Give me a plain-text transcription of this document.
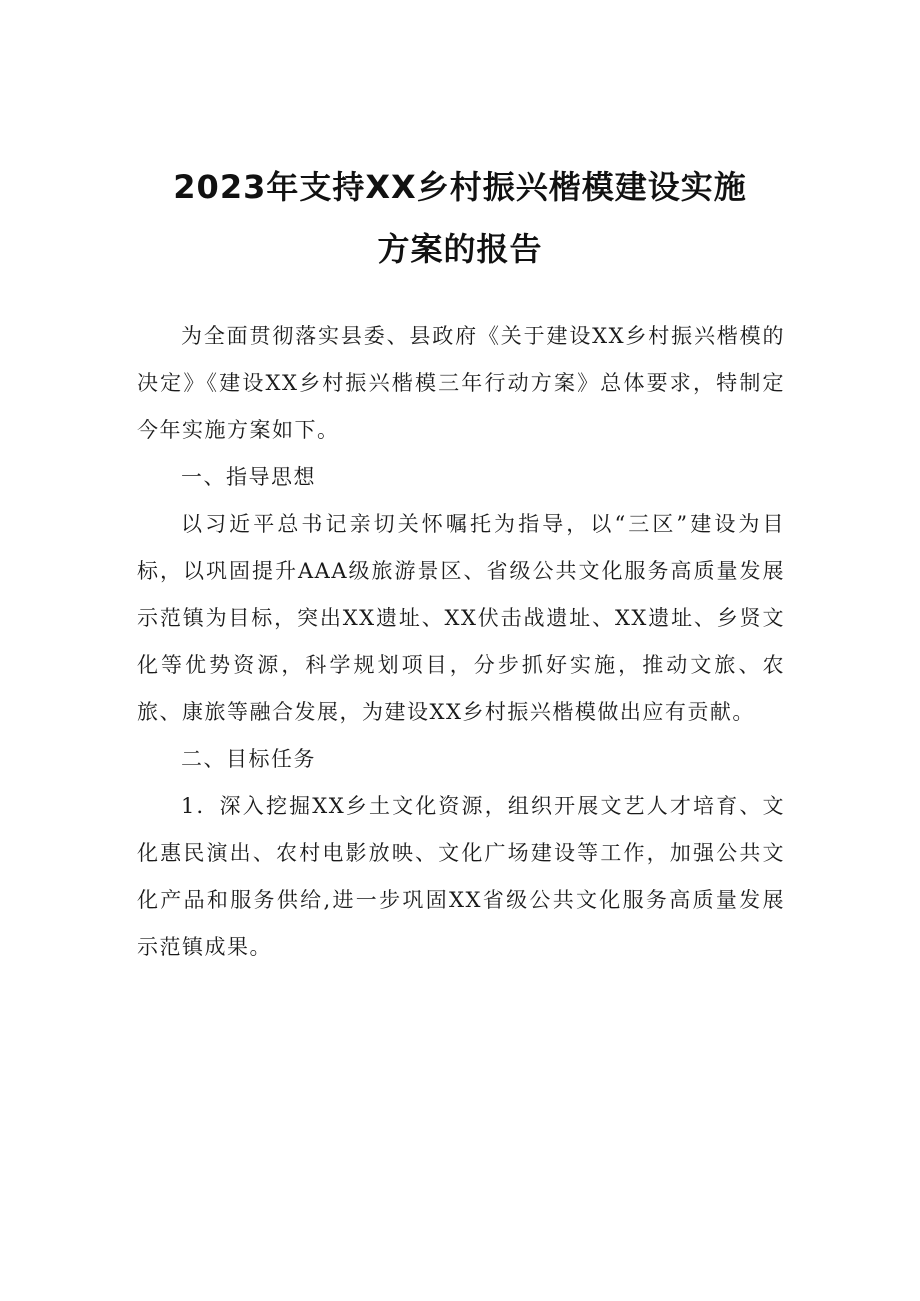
2023年支持XX乡村振兴楷模建设实施
方案的报告

为全面贯彻落实县委、县政府《关于建设XX乡村振兴楷模的决定》《建设XX乡村振兴楷模三年行动方案》总体要求，特制定今年实施方案如下。

一、指导思想

以习近平总书记亲切关怀嘱托为指导，以“三区”建设为目标，以巩固提升AAA级旅游景区、省级公共文化服务高质量发展示范镇为目标，突出XX遗址、XX伏击战遗址、XX遗址、乡贤文化等优势资源，科学规划项目，分步抓好实施，推动文旅、农旅、康旅等融合发展，为建设XX乡村振兴楷模做出应有贡献。

二、目标任务

1．深入挖掘XX乡土文化资源，组织开展文艺人才培育、文化惠民演出、农村电影放映、文化广场建设等工作，加强公共文化产品和服务供给,进一步巩固XX省级公共文化服务高质量发展示范镇成果。
